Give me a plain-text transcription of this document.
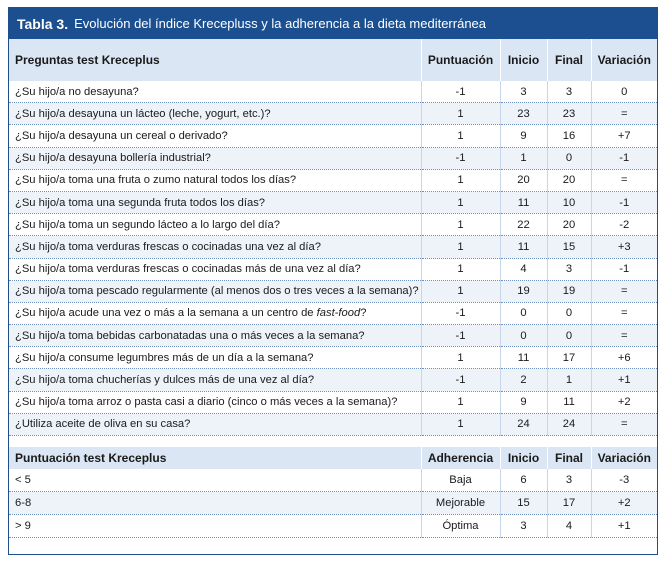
Tabla 3. Evolución del índice Krecepluss y la adherencia a la dieta mediterránea
Preguntas test Kreceplus	Puntuación	Inicio	Final	Variación
¿Su hijo/a no desayuna?	-1	3	3	0
¿Su hijo/a desayuna un lácteo (leche, yogurt, etc.)?	1	23	23	=
¿Su hijo/a desayuna un cereal o derivado?	1	9	16	+7
¿Su hijo/a desayuna bollería industrial?	-1	1	0	-1
¿Su hijo/a toma una fruta o zumo natural todos los días?	1	20	20	=
¿Su hijo/a toma una segunda fruta todos los días?	1	11	10	-1
¿Su hijo/a toma un segundo lácteo a lo largo del día?	1	22	20	-2
¿Su hijo/a toma verduras frescas o cocinadas una vez al día?	1	11	15	+3
¿Su hijo/a toma verduras frescas o cocinadas más de una vez al día?	1	4	3	-1
¿Su hijo/a toma pescado regularmente (al menos dos o tres veces a la semana)?	1	19	19	=
¿Su hijo/a acude una vez o más a la semana a un centro de fast-food?	-1	0	0	=
¿Su hijo/a toma bebidas carbonatadas una o más veces a la semana?	-1	0	0	=
¿Su hijo/a consume legumbres más de un día a la semana?	1	11	17	+6
¿Su hijo/a toma chucherías y dulces más de una vez al día?	-1	2	1	+1
¿Su hijo/a toma arroz o pasta casi a diario (cinco o más veces a la semana)?	1	9	11	+2
¿Utiliza aceite de oliva en su casa?	1	24	24	=
Puntuación test Kreceplus	Adherencia	Inicio	Final	Variación
< 5	Baja	6	3	-3
6-8	Mejorable	15	17	+2
> 9	Óptima	3	4	+1
